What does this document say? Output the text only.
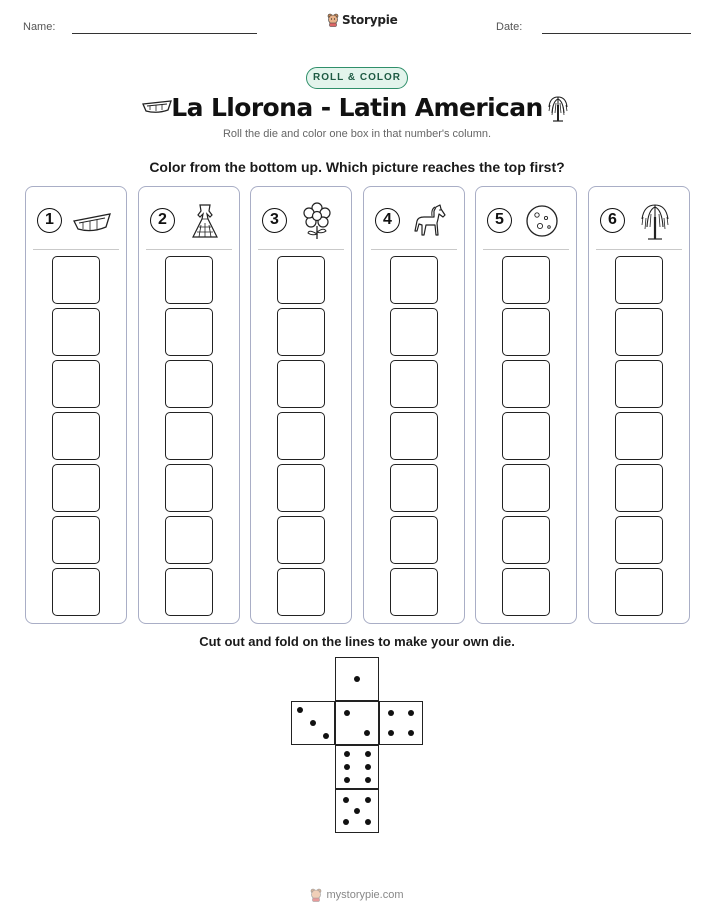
Name:	Storypie	Date:
ROLL & COLOR
La Llorona - Latin American
Roll the die and color one box in that number's column.
Color from the bottom up. Which picture reaches the top first?
1	2	3	4	5	6
Cut out and fold on the lines to make your own die.
mystorypie.com
